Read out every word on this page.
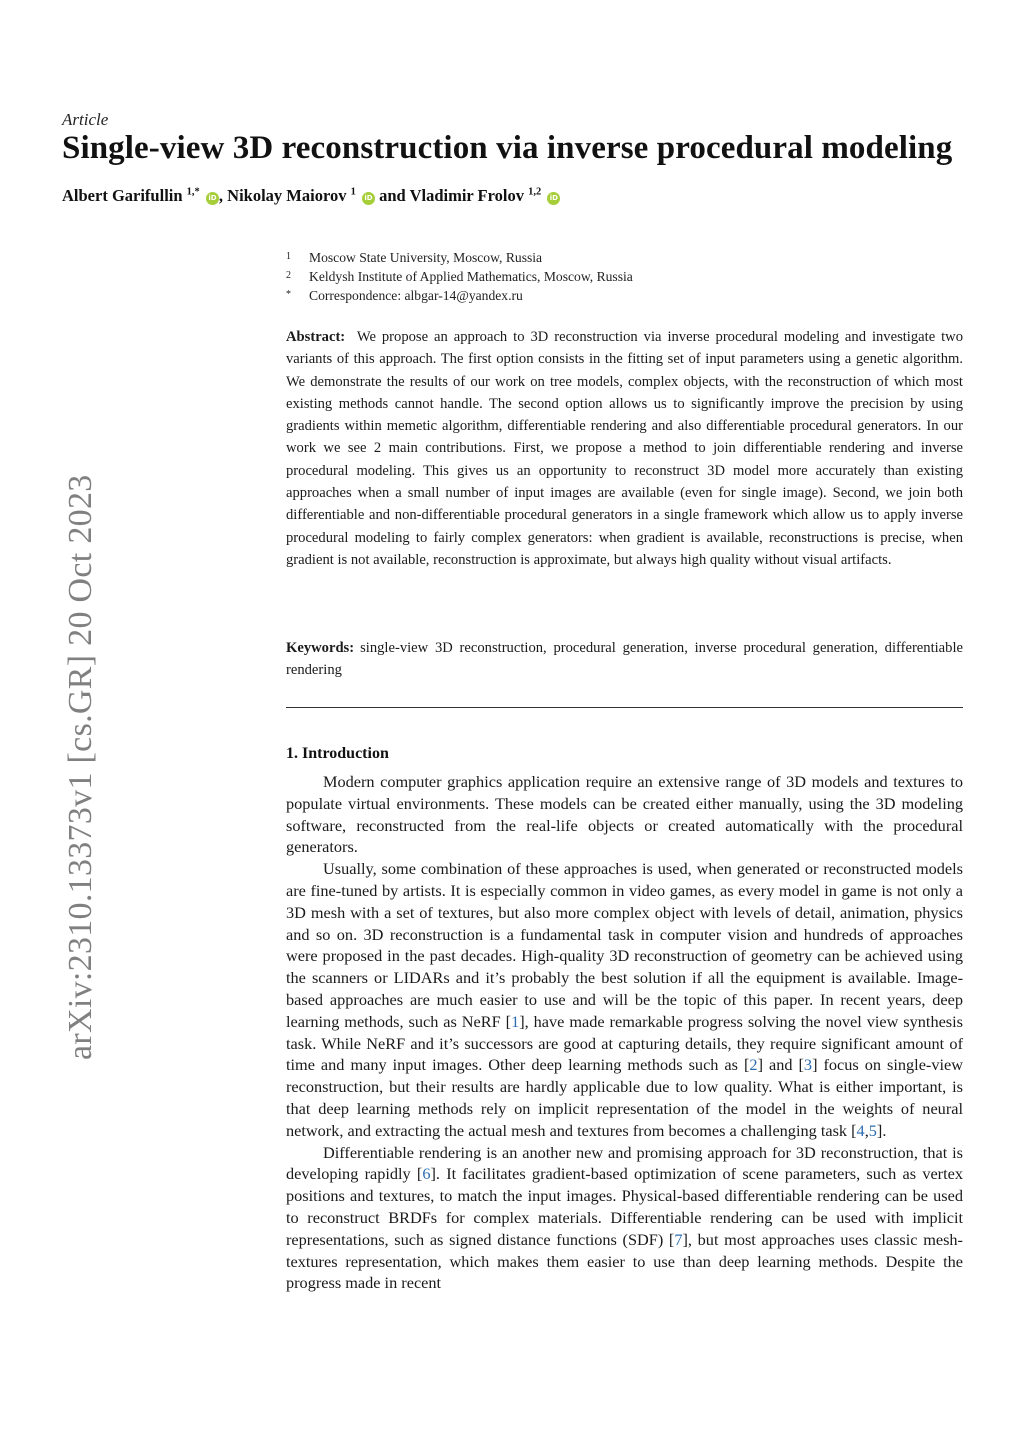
Article
Single-view 3D reconstruction via inverse procedural modeling
Albert Garifullin $^{1,*}$ iD , Nikolay Maiorov $^1$ iD and Vladimir Frolov $^{1,2}$ iD
1 Moscow State University, Moscow, Russia
2 Keldysh Institute of Applied Mathematics, Moscow, Russia
* Correspondence: albgar-14@yandex.ru
Abstract: We propose an approach to 3D reconstruction via inverse procedural modeling and investigate two variants of this approach. The first option consists in the fitting set of input parameters using a genetic algorithm. We demonstrate the results of our work on tree models, complex objects, with the reconstruction of which most existing methods cannot handle. The second option allows us to significantly improve the precision by using gradients within memetic algorithm, differentiable rendering and also differentiable procedural generators. In our work we see 2 main contributions. First, we propose a method to join differentiable rendering and inverse procedural modeling. This gives us an opportunity to reconstruct 3D model more accurately than existing approaches when a small number of input images are available (even for single image). Second, we join both differentiable and non-differentiable procedural generators in a single framework which allow us to apply inverse procedural modeling to fairly complex generators: when gradient is available, reconstructions is precise, when gradient is not available, reconstruction is approximate, but always high quality without visual artifacts.
Keywords: single-view 3D reconstruction, procedural generation, inverse procedural generation, differentiable rendering
1. Introduction

Modern computer graphics application require an extensive range of 3D models and textures to populate virtual environments. These models can be created either manually, using the 3D modeling software, reconstructed from the real-life objects or created automatically with the procedural generators.

Usually, some combination of these approaches is used, when generated or reconstructed models are fine-tuned by artists. It is especially common in video games, as every model in game is not only a 3D mesh with a set of textures, but also more complex object with levels of detail, animation, physics and so on. 3D reconstruction is a fundamental task in computer vision and hundreds of approaches were proposed in the past decades. High-quality 3D reconstruction of geometry can be achieved using the scanners or LIDARs and it’s probably the best solution if all the equipment is available. Image-based approaches are much easier to use and will be the topic of this paper. In recent years, deep learning methods, such as NeRF [1], have made remarkable progress solving the novel view synthesis task. While NeRF and it’s successors are good at capturing details, they require significant amount of time and many input images. Other deep learning methods such as [2] and [3] focus on single-view reconstruction, but their results are hardly applicable due to low quality. What is either important, is that deep learning methods rely on implicit representation of the model in the weights of neural network, and extracting the actual mesh and textures from becomes a challenging task [4,5].

Differentiable rendering is an another new and promising approach for 3D reconstruction, that is developing rapidly [6]. It facilitates gradient-based optimization of scene parameters, such as vertex positions and textures, to match the input images. Physical-based differentiable rendering can be used to reconstruct BRDFs for complex materials. Differentiable rendering can be used with implicit representations, such as signed distance functions (SDF) [7], but most approaches uses classic mesh-textures representation, which makes them easier to use than deep learning methods. Despite the progress made in recent

arXiv:2310.13373v1 [cs.GR] 20 Oct 2023
